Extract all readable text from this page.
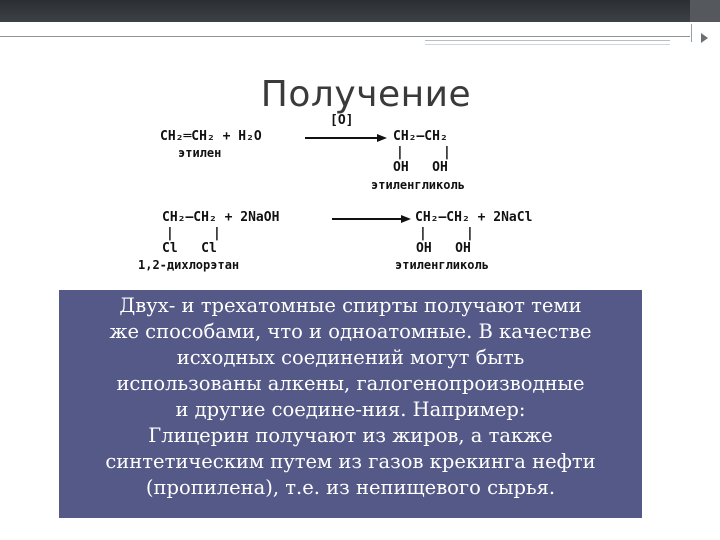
Получение
CH₂═CH₂ + H₂O
[O]
CH₂—CH₂
|     |
OH   OH
этилен
этиленгликоль
CH₂—CH₂ + 2NaOH
|     |
Cl   Cl
1,2-дихлорэтан
CH₂—CH₂ + 2NaCl
|     |
OH   OH
этиленгликоль
Двух- и трехатомные спирты получают теми
же способами, что и одноатомные. В качестве
исходных соединений могут быть
использованы алкены, галогенопроизводные
и другие соедине-ния. Например:
Глицерин получают из жиров, а также
синтетическим путем из газов крекинга нефти
(пропилена), т.е. из непищевого сырья.
